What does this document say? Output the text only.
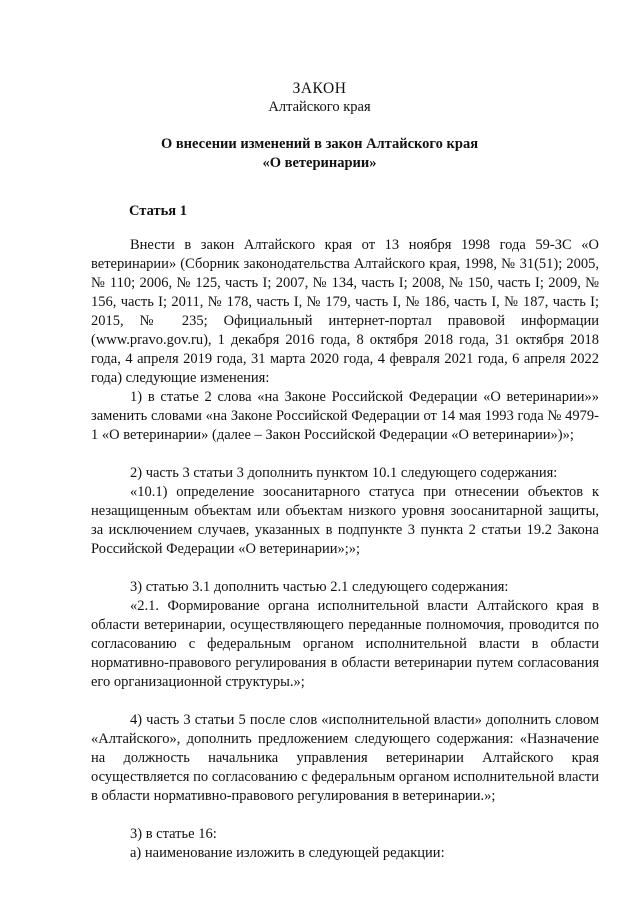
ЗАКОН
Алтайского края
О внесении изменений в закон Алтайского края
«О ветеринарии»
Статья 1

Внести в закон Алтайского края от 13 ноября 1998 года 59-ЗС «О ветеринарии» (Сборник законодательства Алтайского края, 1998, № 31(51); 2005, № 110; 2006, № 125, часть I; 2007, № 134, часть I; 2008, № 150, часть I; 2009, № 156, часть I; 2011, № 178, часть I, № 179, часть I, № 186, часть I, № 187, часть I; 2015, № 235; Официальный интернет-портал правовой информации (www.pravo.gov.ru), 1 декабря 2016 года, 8 октября 2018 года, 31 октября 2018 года, 4 апреля 2019 года, 31 марта 2020 года, 4 февраля 2021 года, 6 апреля 2022 года) следующие изменения:

1) в статье 2 слова «на Законе Российской Федерации «О ветеринарии»» заменить словами «на Законе Российской Федерации от 14 мая 1993 года № 4979-1 «О ветеринарии» (далее – Закон Российской Федерации «О ветеринарии»)»;

2) часть 3 статьи 3 дополнить пунктом 10.1 следующего содержания:

«10.1) определение зоосанитарного статуса при отнесении объектов к незащищенным объектам или объектам низкого уровня зоосанитарной защиты, за исключением случаев, указанных в подпункте 3 пункта 2 статьи 19.2 Закона Российской Федерации «О ветеринарии»;»;

3) статью 3.1 дополнить частью 2.1 следующего содержания:

«2.1. Формирование органа исполнительной власти Алтайского края в области ветеринарии, осуществляющего переданные полномочия, проводится по согласованию с федеральным органом исполнительной власти в области нормативно-правового регулирования в области ветеринарии путем согласования его организационной структуры.»;

4) часть 3 статьи 5 после слов «исполнительной власти» дополнить словом «Алтайского», дополнить предложением следующего содержания: «Назначение на должность начальника управления ветеринарии Алтайского края осуществляется по согласованию с федеральным органом исполнительной власти в области нормативно-правового регулирования в ветеринарии.»;

3) в статье 16:

а) наименование изложить в следующей редакции:
